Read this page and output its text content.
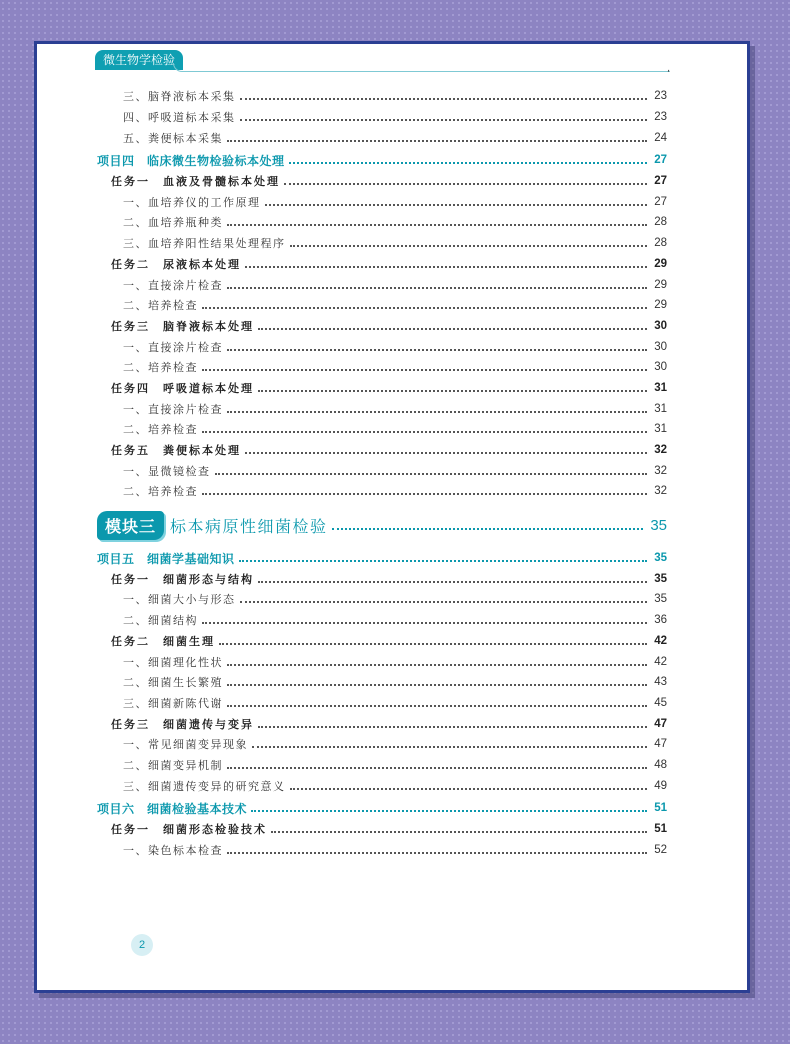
微生物学检验
,
三、脑脊液标本采集	23
四、呼吸道标本采集	23
五、粪便标本采集	24
项目四　临床微生物检验标本处理	27
任务一　血液及骨髓标本处理	27
一、血培养仪的工作原理	27
二、血培养瓶种类	28
三、血培养阳性结果处理程序	28
任务二　尿液标本处理	29
一、直接涂片检查	29
二、培养检查	29
任务三　脑脊液标本处理	30
一、直接涂片检查	30
二、培养检查	30
任务四　呼吸道标本处理	31
一、直接涂片检查	31
二、培养检查	31
任务五　粪便标本处理	32
一、显微镜检查	32
二、培养检查	32
模块三 标本病原性细菌检验	35
项目五　细菌学基础知识	35
任务一　细菌形态与结构	35
一、细菌大小与形态	35
二、细菌结构	36
任务二　细菌生理	42
一、细菌理化性状	42
二、细菌生长繁殖	43
三、细菌新陈代谢	45
任务三　细菌遗传与变异	47
一、常见细菌变异现象	47
二、细菌变异机制	48
三、细菌遗传变异的研究意义	49
项目六　细菌检验基本技术	51
任务一　细菌形态检验技术	51
一、染色标本检查	52
2
